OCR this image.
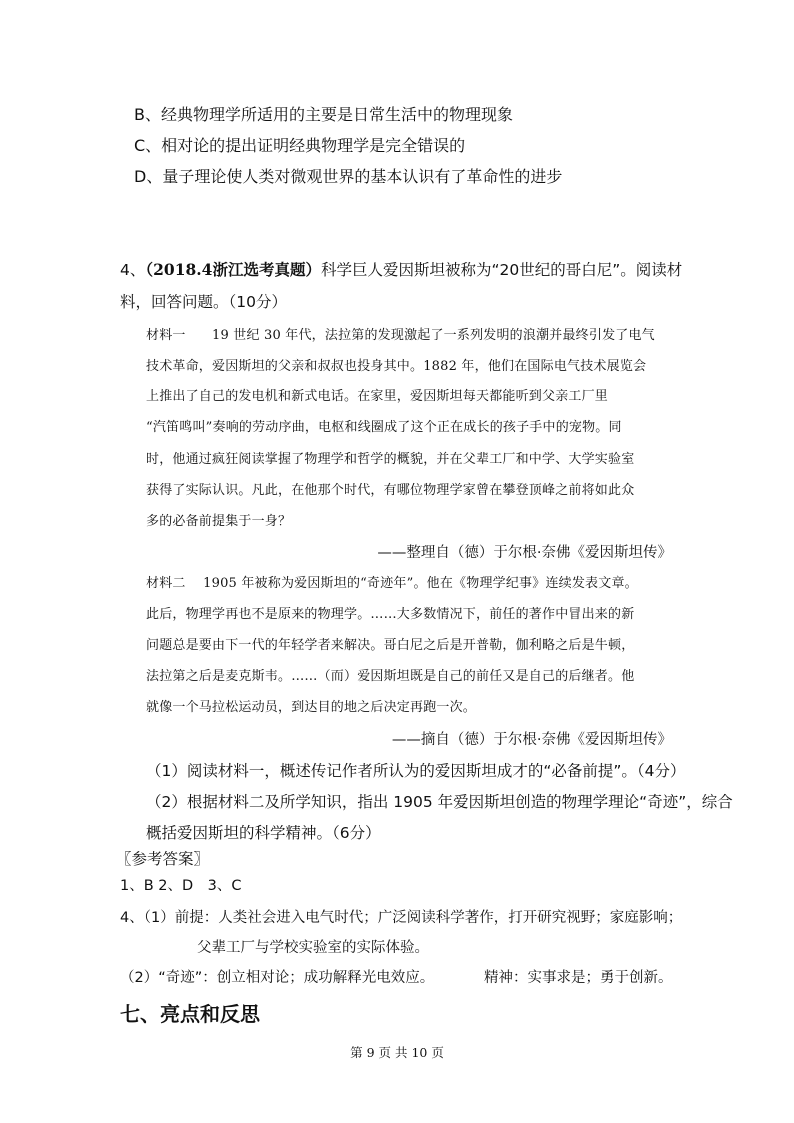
B、经典物理学所适用的主要是日常生活中的物理现象
C、相对论的提出证明经典物理学是完全错误的
D、量子理论使人类对微观世界的基本认识有了革命性的进步
4、（2018.4浙江选考真题）科学巨人爱因斯坦被称为“20世纪的哥白尼”。阅读材
料，回答问题。（10分）
材料一　　19 世纪 30 年代，法拉第的发现激起了一系列发明的浪潮并最终引发了电气
技术革命，爱因斯坦的父亲和叔叔也投身其中。1882 年，他们在国际电气技术展览会
上推出了自己的发电机和新式电话。在家里，爱因斯坦每天都能听到父亲工厂里
“汽笛鸣叫”奏响的劳动序曲，电枢和线圈成了这个正在成长的孩子手中的宠物。同
时，他通过疯狂阅读掌握了物理学和哲学的概貌，并在父辈工厂和中学、大学实验室
获得了实际认识。凡此，在他那个时代，有哪位物理学家曾在攀登顶峰之前将如此众
多的必备前提集于一身？
——整理自（德）于尔根·奈佛《爱因斯坦传》
材料二　 1905 年被称为爱因斯坦的“奇迹年”。他在《物理学纪事》连续发表文章。
此后，物理学再也不是原来的物理学。……大多数情况下，前任的著作中冒出来的新
问题总是要由下一代的年轻学者来解决。哥白尼之后是开普勒，伽利略之后是牛顿，
法拉第之后是麦克斯韦。……（而）爱因斯坦既是自己的前任又是自己的后继者。他
就像一个马拉松运动员，到达目的地之后决定再跑一次。
——摘自（德）于尔根·奈佛《爱因斯坦传》
（1）阅读材料一，概述传记作者所认为的爱因斯坦成才的“必备前提”。（4分）
（2）根据材料二及所学知识，指出 1905 年爱因斯坦创造的物理学理论“奇迹”，综合
概括爱因斯坦的科学精神。（6分）
〖参考答案〗
1、B 2、D　3、C
4、（1）前提：人类社会进入电气时代；广泛阅读科学著作，打开研究视野；家庭影响；
父辈工厂与学校实验室的实际体验。
（2）“奇迹”：创立相对论；成功解释光电效应。	精神：实事求是；勇于创新。
七、亮点和反思
第 9 页 共 10 页
